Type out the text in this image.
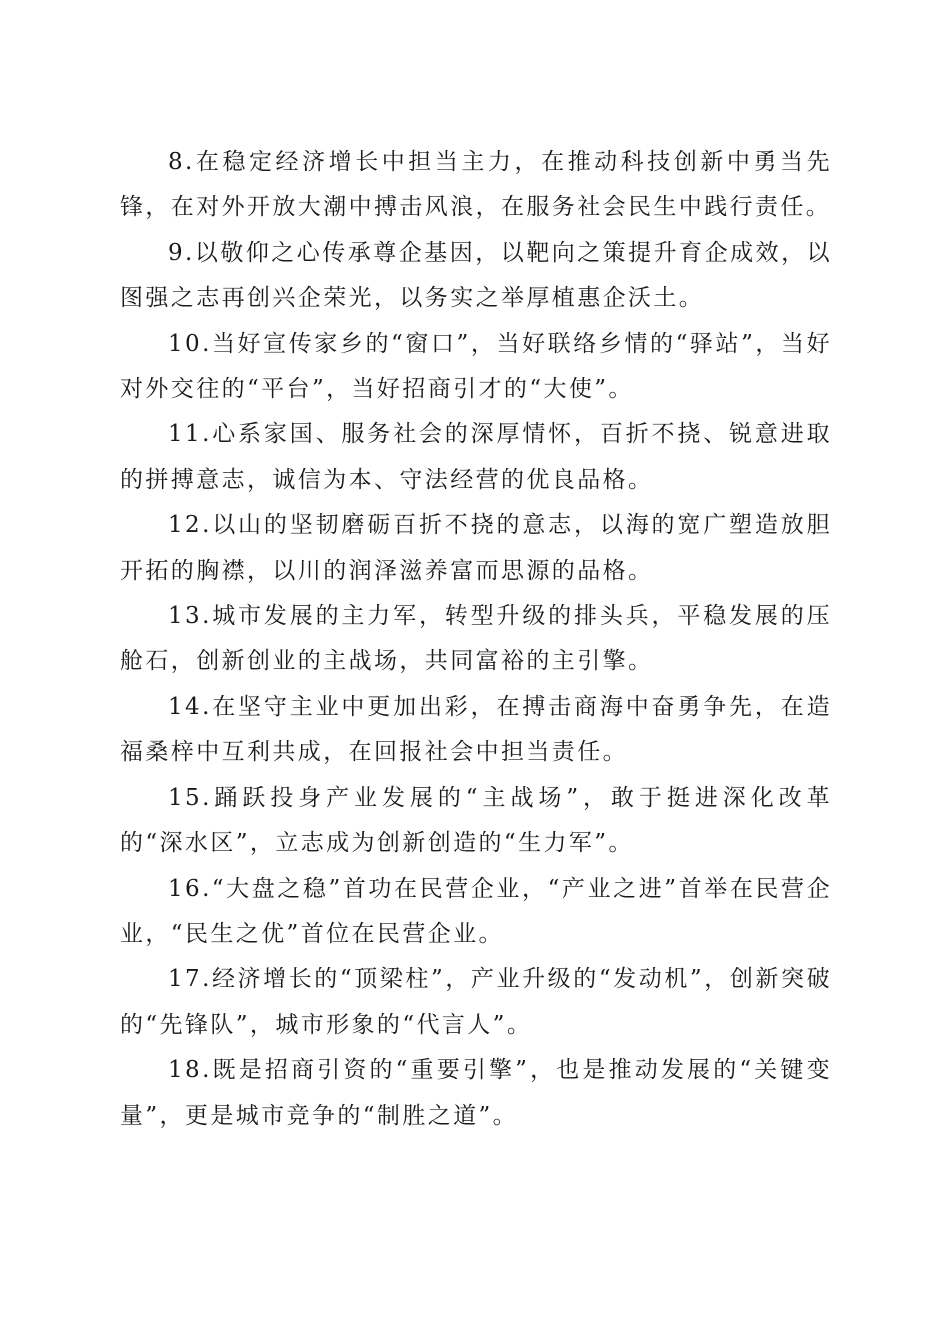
8.在稳定经济增长中担当主力，在推动科技创新中勇当先锋，在对外开放大潮中搏击风浪，在服务社会民生中践行责任。

9.以敬仰之心传承尊企基因，以靶向之策提升育企成效，以图强之志再创兴企荣光，以务实之举厚植惠企沃土。

10.当好宣传家乡的“窗口”，当好联络乡情的“驿站”，当好对外交往的“平台”，当好招商引才的“大使”。

11.心系家国、服务社会的深厚情怀，百折不挠、锐意进取的拼搏意志，诚信为本、守法经营的优良品格。

12.以山的坚韧磨砺百折不挠的意志，以海的宽广塑造放胆开拓的胸襟，以川的润泽滋养富而思源的品格。

13.城市发展的主力军，转型升级的排头兵，平稳发展的压舱石，创新创业的主战场，共同富裕的主引擎。

14.在坚守主业中更加出彩，在搏击商海中奋勇争先，在造福桑梓中互利共成，在回报社会中担当责任。

15.踊跃投身产业发展的“主战场”，敢于挺进深化改革的“深水区”，立志成为创新创造的“生力军”。

16.“大盘之稳”首功在民营企业，“产业之进”首举在民营企业，“民生之优”首位在民营企业。

17.经济增长的“顶梁柱”，产业升级的“发动机”，创新突破的“先锋队”，城市形象的“代言人”。

18.既是招商引资的“重要引擎”，也是推动发展的“关键变量”，更是城市竞争的“制胜之道”。
